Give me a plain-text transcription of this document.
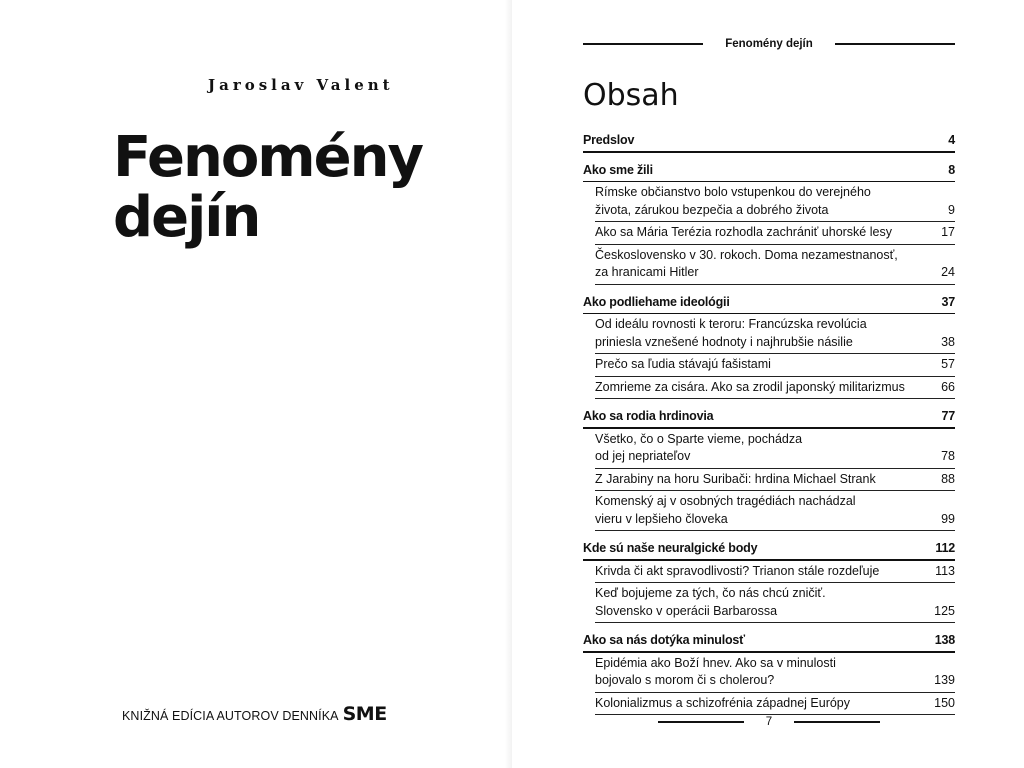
Jaroslav Valent

Fenomény
dejín
KNIŽNÁ EDÍCIA AUTOROV DENNÍKA SME
Fenomény dejín
Obsah
Predslov	4
Ako sme žili	8
Rímske občianstvo bolo vstupenkou do verejného
života, zárukou bezpečia a dobrého života	9
Ako sa Mária Terézia rozhodla zachrániť uhorské lesy	17
Československo v 30. rokoch. Doma nezamestnanosť,
za hranicami Hitler	24
Ako podliehame ideológii	37
Od ideálu rovnosti k teroru: Francúzska revolúcia
priniesla vznešené hodnoty i najhrubšie násilie	38
Prečo sa ľudia stávajú fašistami	57
Zomrieme za cisára. Ako sa zrodil japonský militarizmus	66
Ako sa rodia hrdinovia	77
Všetko, čo o Sparte vieme, pochádza
od jej nepriateľov	78
Z Jarabiny na horu Suribači: hrdina Michael Strank	88
Komenský aj v osobných tragédiách nachádzal
vieru v lepšieho človeka	99
Kde sú naše neuralgické body	112
Krivda či akt spravodlivosti? Trianon stále rozdeľuje	113
Keď bojujeme za tých, čo nás chcú zničiť.
Slovensko v operácii Barbarossa	125
Ako sa nás dotýka minulosť	138
Epidémia ako Boží hnev. Ako sa v minulosti
bojovalo s morom či s cholerou?	139
Kolonializmus a schizofrénia západnej Európy	150
7
